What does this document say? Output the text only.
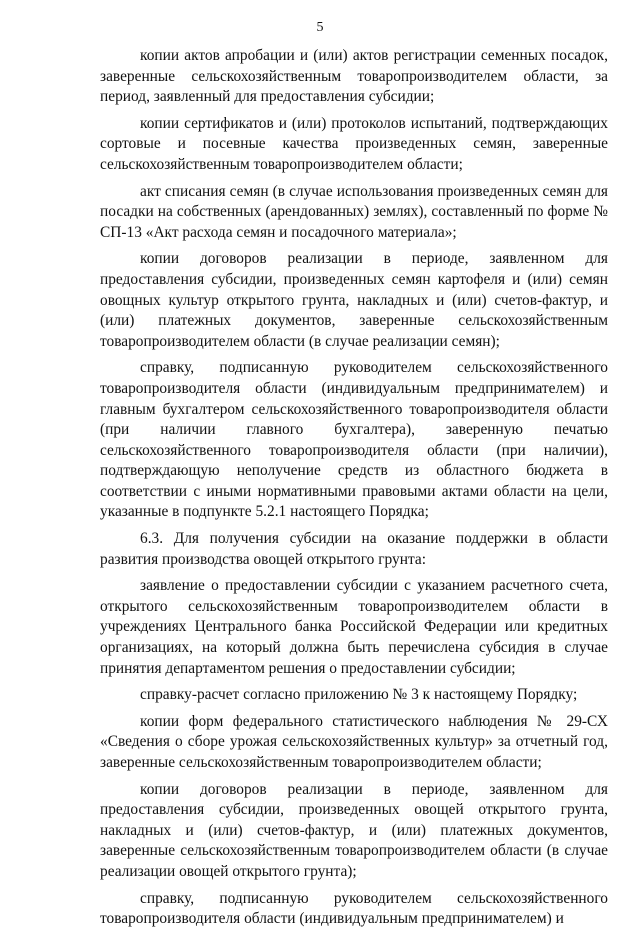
5

копии актов апробации и (или) актов регистрации семенных посадок, заверенные сельскохозяйственным товаропроизводителем области, за период, заявленный для предоставления субсидии;

копии сертификатов и (или) протоколов испытаний, подтверждающих сортовые и посевные качества произведенных семян, заверенные сельскохозяйственным товаропроизводителем области;

акт списания семян (в случае использования произведенных семян для посадки на собственных (арендованных) землях), составленный по форме № СП-13 «Акт расхода семян и посадочного материала»;

копии договоров реализации в периоде, заявленном для предоставления субсидии, произведенных семян картофеля и (или) семян овощных культур открытого грунта, накладных и (или) счетов-фактур, и (или) платежных документов, заверенные сельскохозяйственным товаропроизводителем области (в случае реализации семян);

справку, подписанную руководителем сельскохозяйственного товаропроизводителя области (индивидуальным предпринимателем) и главным бухгалтером сельскохозяйственного товаропроизводителя области (при наличии главного бухгалтера), заверенную печатью сельскохозяйственного товаропроизводителя области (при наличии), подтверждающую неполучение средств из областного бюджета в соответствии с иными нормативными правовыми актами области на цели, указанные в подпункте 5.2.1 настоящего Порядка;

6.3. Для получения субсидии на оказание поддержки в области развития производства овощей открытого грунта:

заявление о предоставлении субсидии с указанием расчетного счета, открытого сельскохозяйственным товаропроизводителем области в учреждениях Центрального банка Российской Федерации или кредитных организациях, на который должна быть перечислена субсидия в случае принятия департаментом решения о предоставлении субсидии;

справку-расчет согласно приложению № 3 к настоящему Порядку;

копии форм федерального статистического наблюдения № 29-СХ «Сведения о сборе урожая сельскохозяйственных культур» за отчетный год, заверенные сельскохозяйственным товаропроизводителем области;

копии договоров реализации в периоде, заявленном для предоставления субсидии, произведенных овощей открытого грунта, накладных и (или) счетов-фактур, и (или) платежных документов, заверенные сельскохозяйственным товаропроизводителем области (в случае реализации овощей открытого грунта);

справку, подписанную руководителем сельскохозяйственного товаропроизводителя области (индивидуальным предпринимателем) и
